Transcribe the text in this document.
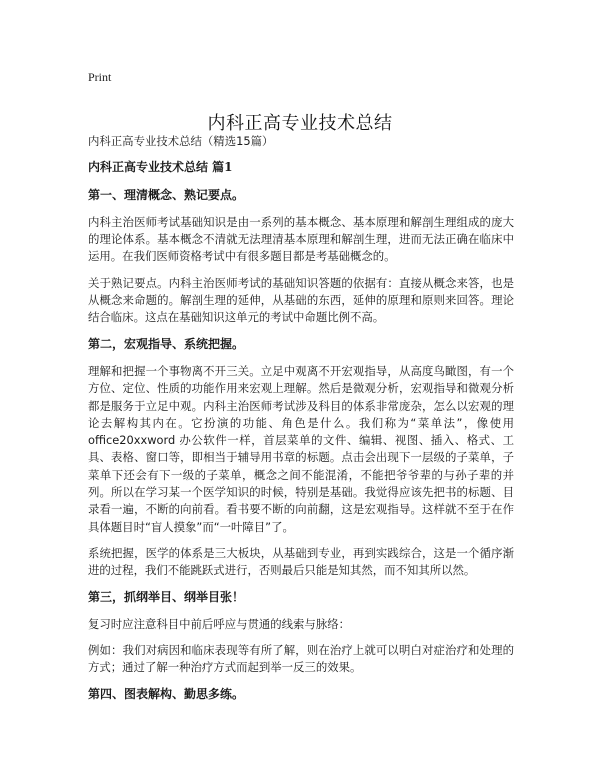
Print
内科正高专业技术总结

内科正高专业技术总结（精选15篇）

内科正高专业技术总结 篇1

第一、理清概念、熟记要点。

内科主治医师考试基础知识是由一系列的基本概念、基本原理和解剖生理组成的庞大的理论体系。基本概念不清就无法理清基本原理和解剖生理，进而无法正确在临床中运用。在我们医师资格考试中有很多题目都是考基础概念的。

关于熟记要点。内科主治医师考试的基础知识答题的依据有：直接从概念来答，也是从概念来命题的。解剖生理的延伸，从基础的东西，延伸的原理和原则来回答。理论结合临床。这点在基础知识这单元的考试中命题比例不高。

第二，宏观指导、系统把握。

理解和把握一个事物离不开三关。立足中观离不开宏观指导，从高度鸟瞰图，有一个方位、定位、性质的功能作用来宏观上理解。然后是微观分析，宏观指导和微观分析都是服务于立足中观。内科主治医师考试涉及科目的体系非常庞杂，怎么以宏观的理论去解构其内在。它扮演的功能、角色是什么。我们称为“菜单法”，像使用office20xxword 办公软件一样，首层菜单的文件、编辑、视图、插入、格式、工具、表格、窗口等，即相当于辅导用书章的标题。点击会出现下一层级的子菜单，子菜单下还会有下一级的子菜单，概念之间不能混淆，不能把爷爷辈的与孙子辈的并列。所以在学习某一个医学知识的时候，特别是基础。我觉得应该先把书的标题、目录看一遍，不断的向前看。看书要不断的向前翻，这是宏观指导。这样就不至于在作具体题目时“盲人摸象”而“一叶障目”了。

系统把握，医学的体系是三大板块，从基础到专业，再到实践综合，这是一个循序渐进的过程，我们不能跳跃式进行，否则最后只能是知其然，而不知其所以然。

第三，抓纲举目、纲举目张！

复习时应注意科目中前后呼应与贯通的线索与脉络：

例如：我们对病因和临床表现等有所了解，则在治疗上就可以明白对症治疗和处理的方式；通过了解一种治疗方式而起到举一反三的效果。

第四、图表解构、勤思多练。
